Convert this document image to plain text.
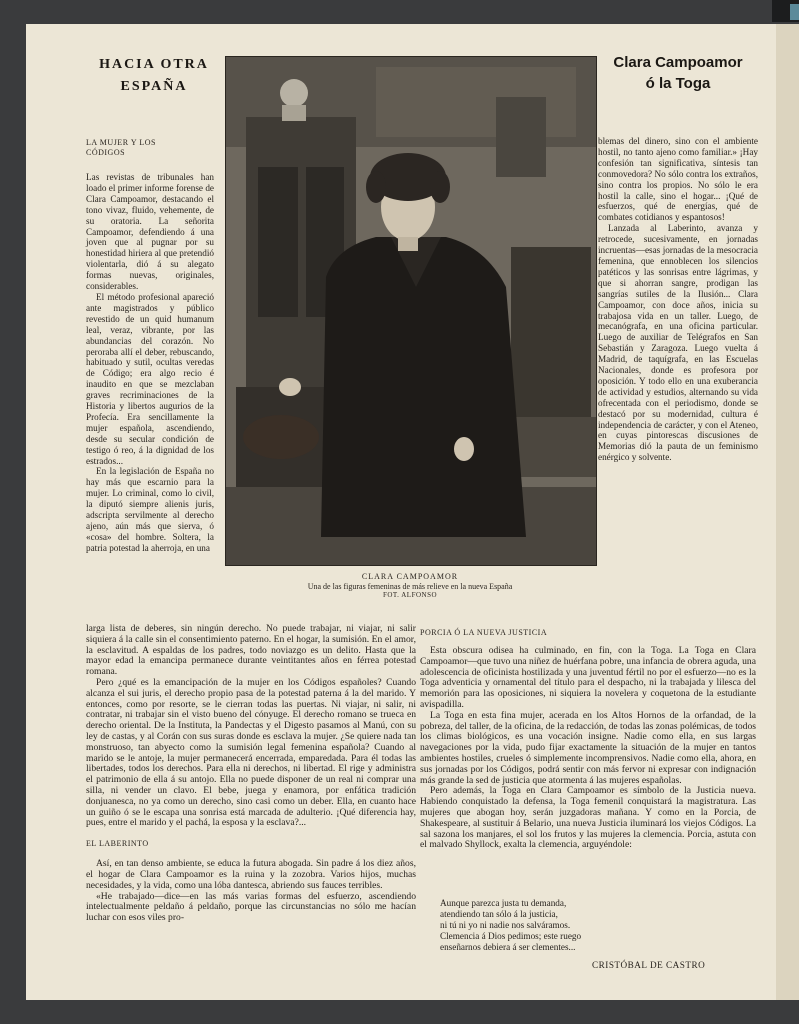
HACIA OTRA
ESPAÑA
Clara Campoamor
ó la Toga
LA MUJER Y LOS CÓDIGOS

Las revistas de tribunales han loado el primer informe forense de Clara Campoamor, destacando el tono vivaz, fluido, vehemente, de su oratoria. La señorita Campoamor, defendiendo á una joven que al pugnar por su honestidad hiriera al que pretendió violentarla, dió á su alegato formas nuevas, originales, considerables.

El método profesional apareció ante magistrados y público revestido de un quid humanum leal, veraz, vibrante, por las abundancias del corazón. No peroraba allí el deber, rebuscando, habituado y sutil, ocultas veredas de Código; era algo recio é inaudito en que se mezclaban graves recriminaciones de la Historia y libertos augurios de la Profecía. Era sencillamente la mujer española, ascendiendo, desde su secular condición de testigo ó reo, á la dignidad de los estrados...

En la legislación de España no hay más que escarnio para la mujer. Lo criminal, como lo civil, la diputó siempre alienis juris, adscripta servilmente al derecho ajeno, aún más que sierva, ó «cosa» del hombre. Soltera, la patria potestad la aherroja, en una

CLARA CAMPOAMOR
Una de las figuras femeninas de más relieve en la nueva España
FOT. ALFONSO

blemas del dinero, sino con el ambiente hostil, no tanto ajeno como familiar.» ¡Hay confesión tan significativa, síntesis tan conmovedora? No sólo contra los extraños, sino contra los propios. No sólo le era hostil la calle, sino el hogar... ¡Qué de esfuerzos, qué de energías, qué de combates cotidianos y espantosos!

Lanzada al Laberinto, avanza y retrocede, sucesivamente, en jornadas incruentas—esas jornadas de la mesocracia femenina, que ennoblecen los silencios patéticos y las sonrisas entre lágrimas, y que si ahorran sangre, prodigan las sangrías sutiles de la Ilusión... Clara Campoamor, con doce años, inicia su trabajosa vida en un taller. Luego, de mecanógrafa, en una oficina particular. Luego de auxiliar de Telégrafos en San Sebastián y Zaragoza. Luego vuelta á Madrid, de taquígrafa, en las Escuelas Nacionales, donde es profesora por oposición. Y todo ello en una exuberancia de actividad y estudios, alternando su vida ofrecentada con el periodismo, donde se destacó por su modernidad, cultura é independencia de carácter, y con el Ateneo, en cuyas pintorescas discusiones de Memorias dió la pauta de un feminismo enérgico y solvente.

larga lista de deberes, sin ningún derecho. No puede trabajar, ni viajar, ni salir siquiera á la calle sin el consentimiento paterno. En el hogar, la sumisión. En el amor, la esclavitud. A espaldas de los padres, todo noviazgo es un delito. Hasta que la mayor edad la emancipa permanece durante veintitantes años en férrea potestad romana.

Pero ¿qué es la emancipación de la mujer en los Códigos españoles? Cuando alcanza el sui juris, el derecho propio pasa de la potestad paterna á la del marido. Y entonces, como por resorte, se le cierran todas las puertas. Ni viajar, ni salir, ni contratar, ni trabajar sin el visto bueno del cónyuge. El derecho romano se trueca en derecho oriental. De la Instituta, la Pandectas y el Digesto pasamos al Manú, con su ley de castas, y al Corán con sus suras donde es esclava la mujer. ¿Se quiere nada tan monstruoso, tan abyecto como la sumisión legal femenina española? Cuando al marido se le antoje, la mujer permanecerá encerrada, emparedada. Para él todas las libertades, todos los derechos. Para ella ni derechos, ni libertad. El rige y administra el patrimonio de ella á su antojo. Ella no puede disponer de un real ni comprar una silla, ni vender un clavo. El bebe, juega y enamora, por enfática tradición donjuanesca, no ya como un derecho, sino casi como un deber. Ella, en cuanto hace un guiño ó se le escapa una sonrisa está marcada de adulterio. ¡Qué diferencia hay, pues, entre el marido y el pachá, la esposa y la esclava?...

EL LABERINTO

Así, en tan denso ambiente, se educa la futura abogada. Sin padre á los diez años, el hogar de Clara Campoamor es la ruina y la zozobra. Varios hijos, muchas necesidades, y la vida, como una lóba dantesca, abriendo sus fauces terribles.

«He trabajado—dice—en las más varias formas del esfuerzo, ascendiendo intelectualmente peldaño á peldaño, porque las circunstancias no sólo me hacían luchar con esos viles pro-

PORCIA Ó LA NUEVA JUSTICIA

Esta obscura odisea ha culminado, en fin, con la Toga. La Toga en Clara Campoamor—que tuvo una niñez de huérfana pobre, una infancia de obrera aguda, una adolescencia de oficinista hostilizada y una juventud fértil no por el esfuerzo—no es la Toga adventicia y ornamental del título para el despacho, ni la trabajada y lilesca del memorión para las oposiciones, ni siquiera la novelera y coquetona de la estudiante avispadilla.

La Toga en esta fina mujer, acerada en los Altos Hornos de la orfandad, de la pobreza, del taller, de la oficina, de la redacción, de todas las zonas polémicas, de todos los climas biológicos, es una vocación insigne. Nadie como ella, en sus largas navegaciones por la vida, pudo fijar exactamente la situación de la mujer en tantos ambientes hostiles, crueles ó simplemente incomprensivos. Nadie como ella, ahora, en sus jornadas por los Códigos, podrá sentir con más fervor ni expresar con indignación más grande la sed de justicia que atormenta á las mujeres españolas.

Pero además, la Toga en Clara Campoamor es símbolo de la Justicia nueva. Habiendo conquistado la defensa, la Toga femenil conquistará la magistratura. Las mujeres que abogan hoy, serán juzgadoras mañana. Y como en la Porcia, de Shakespeare, al sustituir á Belario, una nueva Justicia iluminará los viejos Códigos. La sal sazona los manjares, el sol los frutos y las mujeres la clemencia. Porcia, astuta con el malvado Shyllock, exalta la clemencia, arguyéndole:

Aunque parezca justa tu demanda,
atendiendo tan sólo á la justicia,
ni tú ni yo ni nadie nos salváramos.
Clemencia á Dios pedimos; este ruego
enseñarnos debiera á ser clementes...
CRISTÓBAL DE CASTRO
